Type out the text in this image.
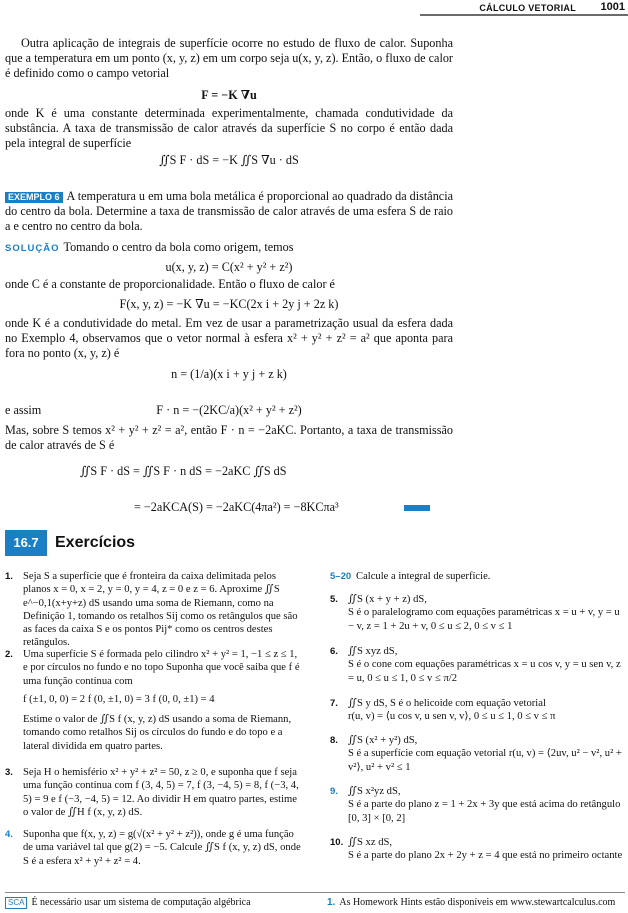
CÁLCULO VETORIAL 1001
Outra aplicação de integrais de superfície ocorre no estudo de fluxo de calor. Suponha que a temperatura em um ponto (x, y, z) em um corpo seja u(x, y, z). Então, o fluxo de calor é definido como o campo vetorial
F = −K ∇u
onde K é uma constante determinada experimentalmente, chamada condutividade da substância. A taxa de transmissão de calor através da superfície S no corpo é então dada pela integral de superfície
∬S F · dS = −K ∬S ∇u · dS
EXEMPLO 6 A temperatura u em uma bola metálica é proporcional ao quadrado da distância do centro da bola. Determine a taxa de transmissão de calor através de uma esfera S de raio a e centro no centro da bola.
SOLUÇÃO Tomando o centro da bola como origem, temos
u(x, y, z) = C(x² + y² + z²)
onde C é a constante de proporcionalidade. Então o fluxo de calor é
F(x, y, z) = −K ∇u = −KC(2x i + 2y j + 2z k)
onde K é a condutividade do metal. Em vez de usar a parametrização usual da esfera dada no Exemplo 4, observamos que o vetor normal à esfera x² + y² + z² = a² que aponta para fora no ponto (x, y, z) é
n = (1/a)(x i + y j + z k)
e assim	F · n = −(2KC/a)(x² + y² + z²)
Mas, sobre S temos x² + y² + z² = a², então F · n = −2aKC. Portanto, a taxa de transmissão de calor através de S é
∬S F · dS = ∬S F · n dS = −2aKC ∬S dS
= −2aKCA(S) = −2aKC(4πa²) = −8KCπa³
16.7	Exercícios
1. Seja S a superfície que é fronteira da caixa delimitada pelos planos x = 0, x = 2, y = 0, y = 4, z = 0 e z = 6. Aproxime ∬S e^−0,1(x+y+z) dS usando uma soma de Riemann, como na Definição 1, tomando os retalhos Sij como os retângulos que são as faces da caixa S e os pontos Pij* como os centros destes retângulos.
2. Uma superfície S é formada pelo cilindro x² + y² = 1, −1 ≤ z ≤ 1, e por círculos no fundo e no topo Suponha que você saiba que f é uma função contínua com
f (±1, 0, 0) = 2 f (0, ±1, 0) = 3 f (0, 0, ±1) = 4
Estime o valor de ∬S f (x, y, z) dS usando a soma de Riemann, tomando como retalhos Sij os círculos do fundo e do topo e a lateral dividida em quatro partes.
3. Seja H o hemisfério x² + y² + z² = 50, z ≥ 0, e suponha que f seja uma função contínua com f (3, 4, 5) = 7, f (3, −4, 5) = 8, f (−3, 4, 5) = 9 e f (−3, −4, 5) = 12. Ao dividir H em quatro partes, estime o valor de ∬H f (x, y, z) dS.
4. Suponha que f(x, y, z) = g(√(x² + y² + z²)), onde g é uma função de uma variável tal que g(2) = −5. Calcule ∬S f (x, y, z) dS, onde S é a esfera x² + y² + z² = 4.
5–20 Calcule a integral de superfície.
5. ∬S (x + y + z) dS,
S é o paralelogramo com equações paramétricas x = u + v, y = u − v, z = 1 + 2u + v, 0 ≤ u ≤ 2, 0 ≤ v ≤ 1
6. ∬S xyz dS,
S é o cone com equações paramétricas x = u cos v, y = u sen v, z = u, 0 ≤ u ≤ 1, 0 ≤ v ≤ π/2
7. ∬S y dS, S é o helicoide com equação vetorial
r(u, v) = ⟨u cos v, u sen v, v⟩, 0 ≤ u ≤ 1, 0 ≤ v ≤ π
8. ∬S (x² + y²) dS,
S é a superfície com equação vetorial r(u, v) = ⟨2uv, u² − v², u² + v²⟩, u² + v² ≤ 1
9. ∬S x²yz dS,
S é a parte do plano z = 1 + 2x + 3y que está acima do retângulo [0, 3] × [0, 2]
10. ∬S xz dS,
S é a parte do plano 2x + 2y + z = 4 que está no primeiro octante
SCA É necessário usar um sistema de computação algébrica	1. As Homework Hints estão disponíveis em www.stewartcalculus.com
